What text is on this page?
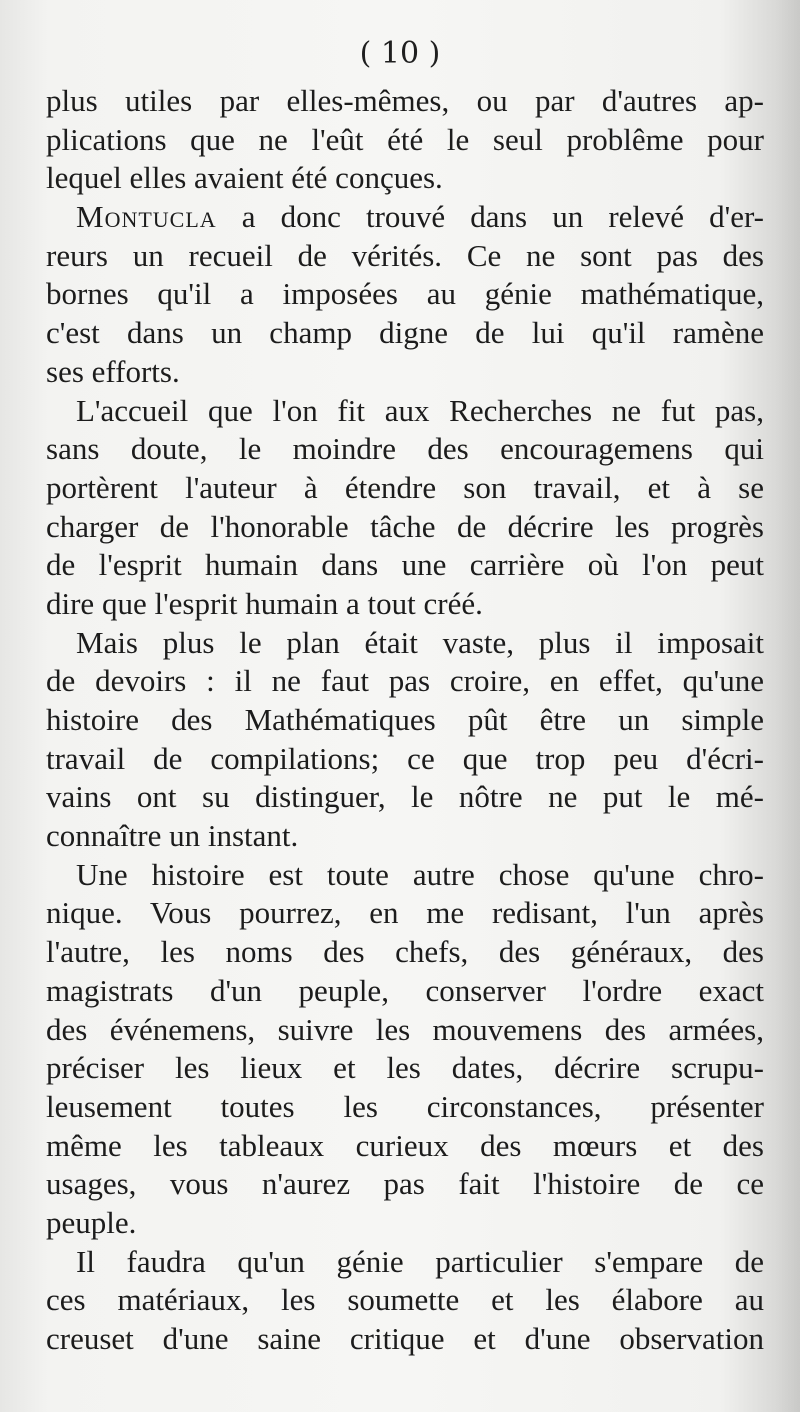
( 10 )
plus utiles par elles-mêmes, ou par d'autres ap-
plications que ne l'eût été le seul problême pour
lequel elles avaient été conçues.
Montucla a donc trouvé dans un relevé d'er-
reurs un recueil de vérités. Ce ne sont pas des
bornes qu'il a imposées au génie mathématique,
c'est dans un champ digne de lui qu'il ramène
ses efforts.
L'accueil que l'on fit aux Recherches ne fut pas,
sans doute, le moindre des encouragemens qui
portèrent l'auteur à étendre son travail, et à se
charger de l'honorable tâche de décrire les progrès
de l'esprit humain dans une carrière où l'on peut
dire que l'esprit humain a tout créé.
Mais plus le plan était vaste, plus il imposait
de devoirs : il ne faut pas croire, en effet, qu'une
histoire des Mathématiques pût être un simple
travail de compilations; ce que trop peu d'écri-
vains ont su distinguer, le nôtre ne put le mé-
connaître un instant.
Une histoire est toute autre chose qu'une chro-
nique. Vous pourrez, en me redisant, l'un après
l'autre, les noms des chefs, des généraux, des
magistrats d'un peuple, conserver l'ordre exact
des événemens, suivre les mouvemens des armées,
préciser les lieux et les dates, décrire scrupu-
leusement toutes les circonstances, présenter
même les tableaux curieux des mœurs et des
usages, vous n'aurez pas fait l'histoire de ce
peuple.
Il faudra qu'un génie particulier s'empare de
ces matériaux, les soumette et les élabore au
creuset d'une saine critique et d'une observation
